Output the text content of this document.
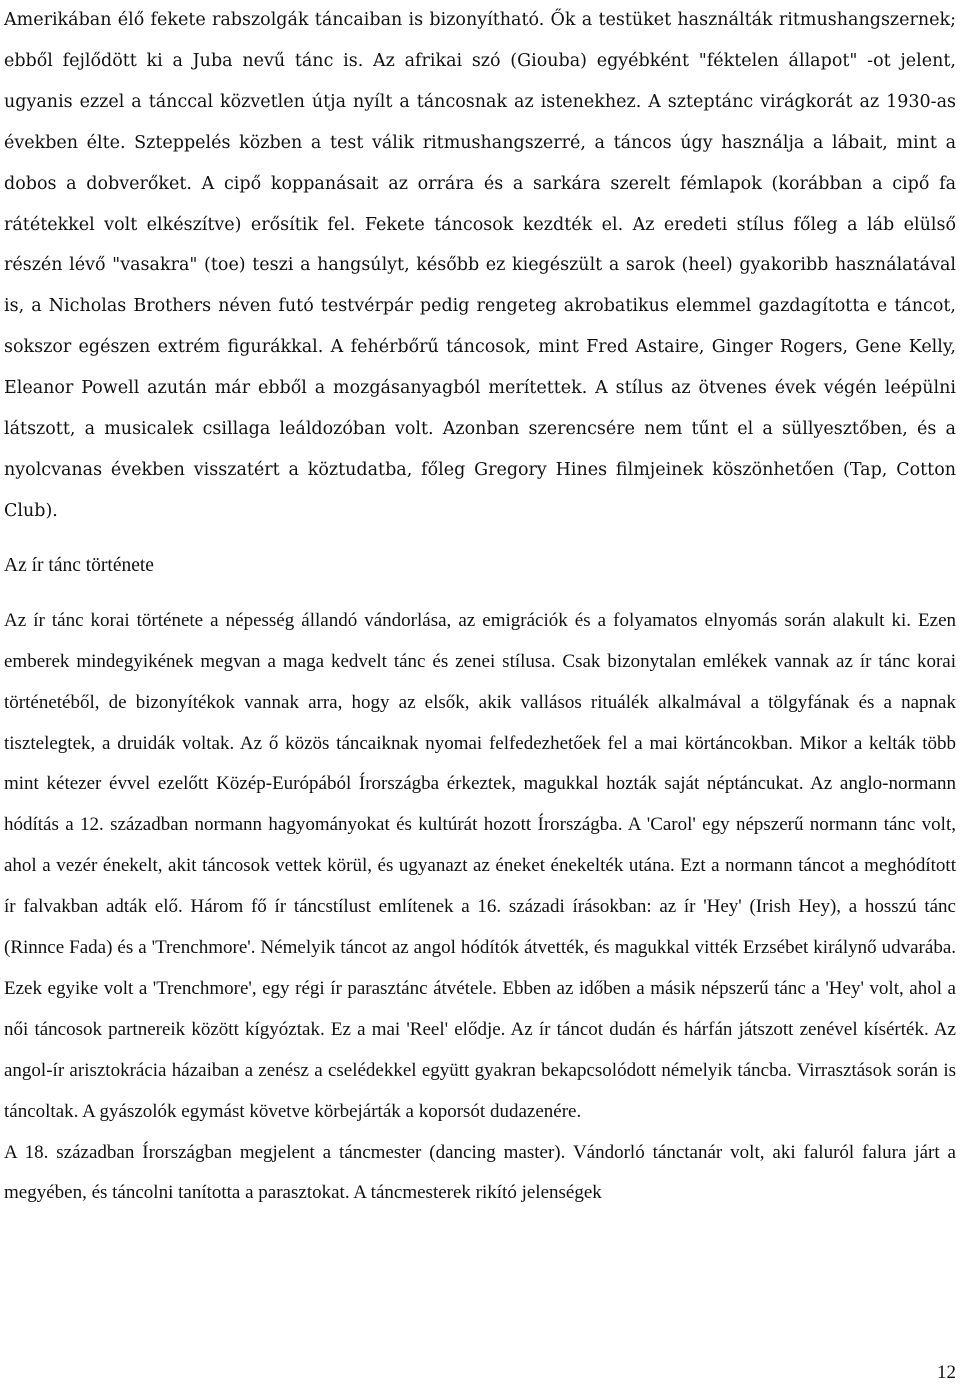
Amerikában élő fekete rabszolgák táncaiban is bizonyítható. Ők a testüket használták ritmushangszernek; ebből fejlődött ki a Juba nevű tánc is. Az afrikai szó (Giouba) egyébként "féktelen állapot" -ot jelent, ugyanis ezzel a tánccal közvetlen útja nyílt a táncosnak az istenekhez. A szteptánc virágkorát az 1930-as években élte. Szteppelés közben a test válik ritmushangszerré, a táncos úgy használja a lábait, mint a dobos a dobverőket. A cipő koppanásait az orrára és a sarkára szerelt fémlapok (korábban a cipő fa rátétekkel volt elkészítve) erősítik fel. Fekete táncosok kezdték el. Az eredeti stílus főleg a láb elülső részén lévő "vasakra" (toe) teszi a hangsúlyt, később ez kiegészült a sarok (heel) gyakoribb használatával is, a Nicholas Brothers néven futó testvérpár pedig rengeteg akrobatikus elemmel gazdagította e táncot, sokszor egészen extrém figurákkal. A fehérbőrű táncosok, mint Fred Astaire, Ginger Rogers, Gene Kelly, Eleanor Powell azután már ebből a mozgásanyagból merítettek. A stílus az ötvenes évek végén leépülni látszott, a musicalek csillaga leáldozóban volt. Azonban szerencsére nem tűnt el a süllyesztőben, és a nyolcvanas években visszatért a köztudatba, főleg Gregory Hines filmjeinek köszönhetően (Tap, Cotton Club).

Az ír tánc története

Az ír tánc korai története a népesség állandó vándorlása, az emigrációk és a folyamatos elnyomás során alakult ki. Ezen emberek mindegyikének megvan a maga kedvelt tánc és zenei stílusa. Csak bizonytalan emlékek vannak az ír tánc korai történetéből, de bizonyítékok vannak arra, hogy az elsők, akik vallásos rituálék alkalmával a tölgyfának és a napnak tisztelegtek, a druidák voltak. Az ő közös táncaiknak nyomai felfedezhetőek fel a mai körtáncokban. Mikor a kelták több mint kétezer évvel ezelőtt Közép-Európából Írországba érkeztek, magukkal hozták saját néptáncukat. Az anglo-normann hódítás a 12. században normann hagyományokat és kultúrát hozott Írországba. A 'Carol' egy népszerű normann tánc volt, ahol a vezér énekelt, akit táncosok vettek körül, és ugyanazt az éneket énekelték utána. Ezt a normann táncot a meghódított ír falvakban adták elő. Három fő ír táncstílust említenek a 16. századi írásokban: az ír 'Hey' (Irish Hey), a hosszú tánc (Rinnce Fada) és a 'Trenchmore'. Némelyik táncot az angol hódítók átvették, és magukkal vitték Erzsébet királynő udvarába. Ezek egyike volt a 'Trenchmore', egy régi ír parasztánc átvétele. Ebben az időben a másik népszerű tánc a 'Hey' volt, ahol a női táncosok partnereik között kígyóztak. Ez a mai 'Reel' elődje. Az ír táncot dudán és hárfán játszott zenével kísérték. Az angol-ír arisztokrácia házaiban a zenész a cselédekkel együtt gyakran bekapcsolódott némelyik táncba. Virrasztások során is táncoltak. A gyászolók egymást követve körbejárták a koporsót dudazenére.

A 18. században Írországban megjelent a táncmester (dancing master). Vándorló tánctanár volt, aki faluról falura járt a megyében, és táncolni tanította a parasztokat. A táncmesterek rikító jelenségek

12
